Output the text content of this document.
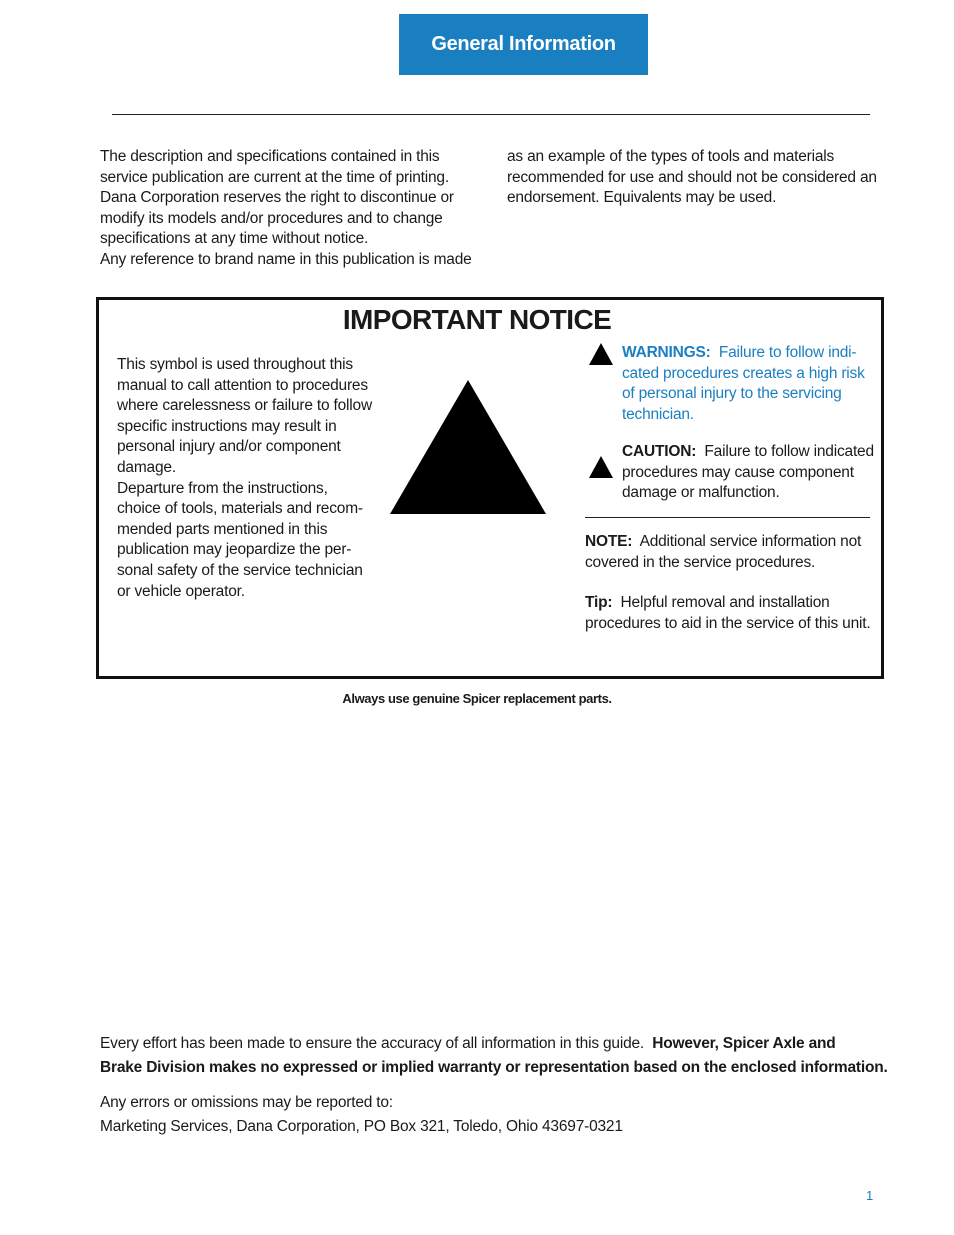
General Information

The description and specifications contained in this

service publication are current at the time of printing.

Dana Corporation reserves the right to discontinue or

modify its models and/or procedures and to change

specifications at any time without notice.

Any reference to brand name in this publication is made

as an example of the types of tools and materials

recommended for use and should not be considered an

endorsement. Equivalents may be used.

IMPORTANT NOTICE

This symbol is used throughout this

manual to call attention to procedures

where carelessness or failure to follow

specific instructions may result in

personal injury and/or component

damage.

Departure from the instructions,

choice of tools, materials and recom-

mended parts mentioned in this

publication may jeopardize the per-

sonal safety of the service technician

or vehicle operator.

WARNINGS: Failure to follow indi-

cated procedures creates a high risk

of personal injury to the servicing

technician.

CAUTION: Failure to follow indicated

procedures may cause component

damage or malfunction.

NOTE: Additional service information not

covered in the service procedures.

Tip: Helpful removal and installation

procedures to aid in the service of this unit.

Always use genuine Spicer replacement parts.

Every effort has been made to ensure the accuracy of all information in this guide. However, Spicer Axle and

Brake Division makes no expressed or implied warranty or representation based on the enclosed information.

Any errors or omissions may be reported to:

Marketing Services, Dana Corporation, PO Box 321, Toledo, Ohio 43697-0321

1
